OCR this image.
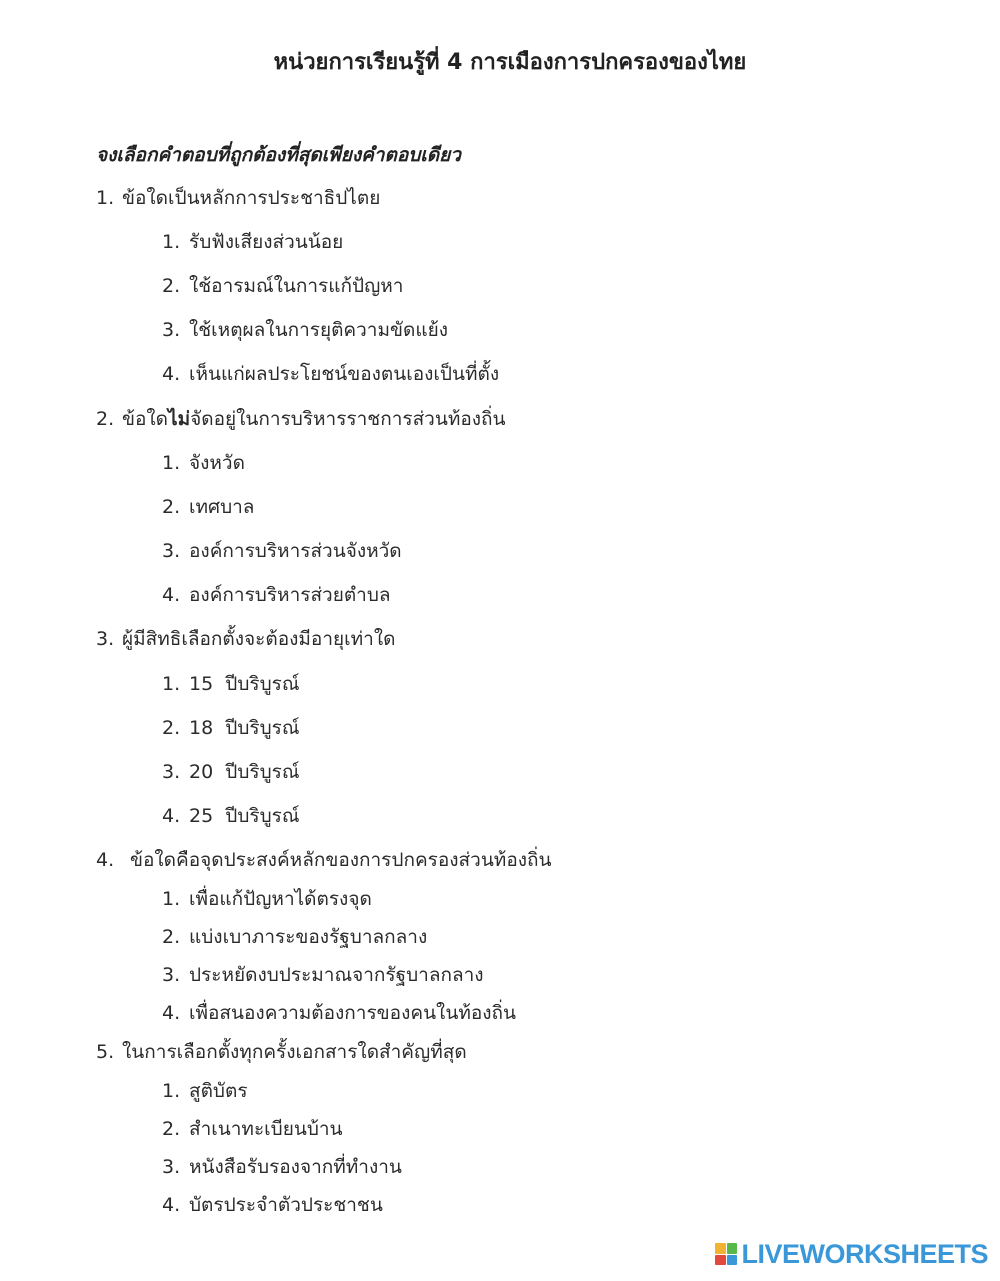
หน่วยการเรียนรู้ที่ 4 การเมืองการปกครองของไทย
จงเลือกคำตอบที่ถูกต้องที่สุดเพียงคำตอบเดียว
1. ข้อใดเป็นหลักการประชาธิปไตย
1. รับฟังเสียงส่วนน้อย
2. ใช้อารมณ์ในการแก้ปัญหา
3. ใช้เหตุผลในการยุติความขัดแย้ง
4. เห็นแก่ผลประโยชน์ของตนเองเป็นที่ตั้ง
2. ข้อใดไม่จัดอยู่ในการบริหารราชการส่วนท้องถิ่น
1. จังหวัด
2. เทศบาล
3. องค์การบริหารส่วนจังหวัด
4. องค์การบริหารส่วยตำบล
3. ผู้มีสิทธิเลือกตั้งจะต้องมีอายุเท่าใด
1. 15  ปีบริบูรณ์
2. 18  ปีบริบูรณ์
3. 20  ปีบริบูรณ์
4. 25  ปีบริบูรณ์
4. ข้อใดคือจุดประสงค์หลักของการปกครองส่วนท้องถิ่น
1. เพื่อแก้ปัญหาได้ตรงจุด
2. แบ่งเบาภาระของรัฐบาลกลาง
3. ประหยัดงบประมาณจากรัฐบาลกลาง
4. เพื่อสนองความต้องการของคนในท้องถิ่น
5. ในการเลือกตั้งทุกครั้งเอกสารใดสำคัญที่สุด
1. สูติบัตร
2. สำเนาทะเบียนบ้าน
3. หนังสือรับรองจากที่ทำงาน
4. บัตรประจำตัวประชาชน
LIVEWORKSHEETS
